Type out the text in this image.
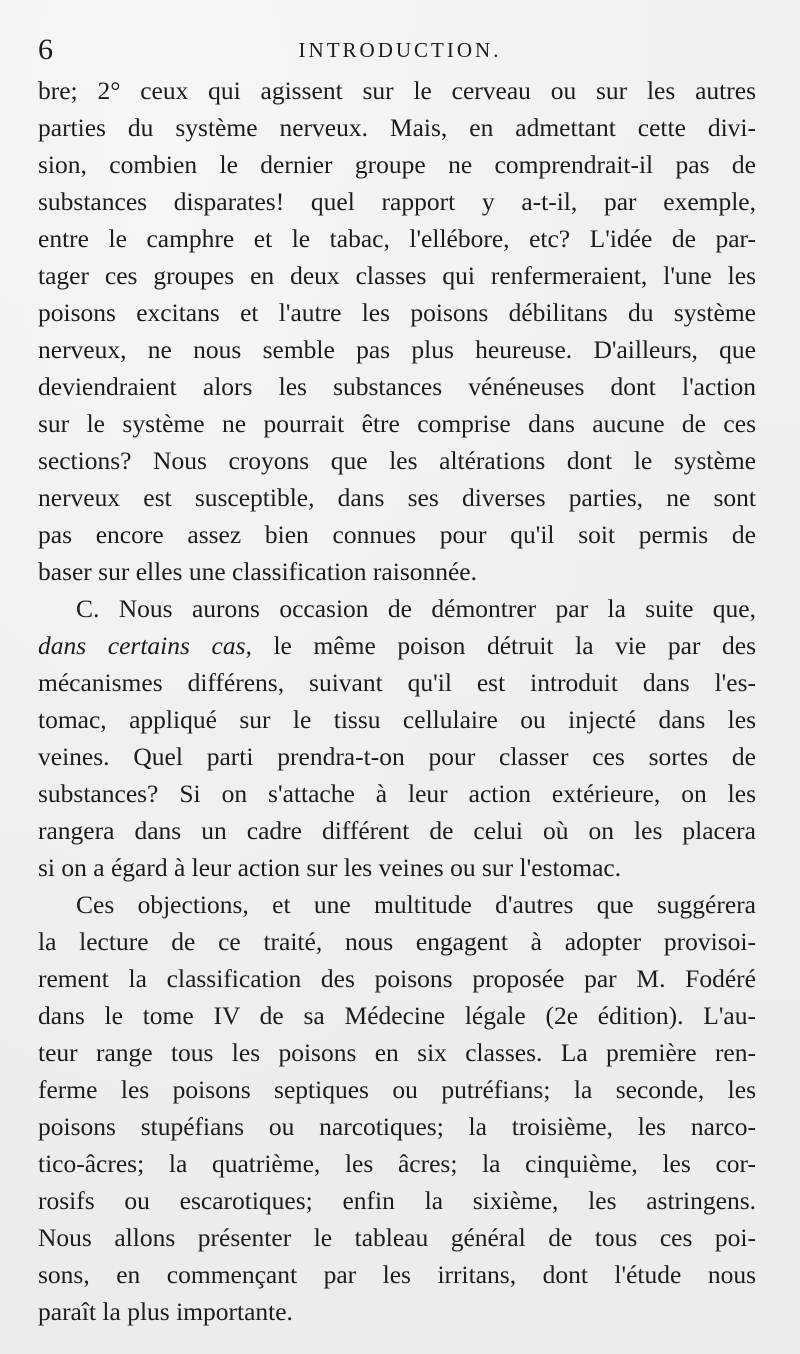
6	INTRODUCTION.
bre; 2° ceux qui agissent sur le cerveau ou sur les autres
parties du système nerveux. Mais, en admettant cette divi-
sion, combien le dernier groupe ne comprendrait-il pas de
substances disparates! quel rapport y a-t-il, par exemple,
entre le camphre et le tabac, l'ellébore, etc? L'idée de par-
tager ces groupes en deux classes qui renfermeraient, l'une les
poisons excitans et l'autre les poisons débilitans du système
nerveux, ne nous semble pas plus heureuse. D'ailleurs, que
deviendraient alors les substances vénéneuses dont l'action
sur le système ne pourrait être comprise dans aucune de ces
sections? Nous croyons que les altérations dont le système
nerveux est susceptible, dans ses diverses parties, ne sont
pas encore assez bien connues pour qu'il soit permis de
baser sur elles une classification raisonnée.
C. Nous aurons occasion de démontrer par la suite que,
dans certains cas, le même poison détruit la vie par des
mécanismes différens, suivant qu'il est introduit dans l'es-
tomac, appliqué sur le tissu cellulaire ou injecté dans les
veines. Quel parti prendra-t-on pour classer ces sortes de
substances? Si on s'attache à leur action extérieure, on les
rangera dans un cadre différent de celui où on les placera
si on a égard à leur action sur les veines ou sur l'estomac.
Ces objections, et une multitude d'autres que suggérera
la lecture de ce traité, nous engagent à adopter provisoi-
rement la classification des poisons proposée par M. Fodéré
dans le tome IV de sa Médecine légale (2e édition). L'au-
teur range tous les poisons en six classes. La première ren-
ferme les poisons septiques ou putréfians; la seconde, les
poisons stupéfians ou narcotiques; la troisième, les narco-
tico-âcres; la quatrième, les âcres; la cinquième, les cor-
rosifs ou escarotiques; enfin la sixième, les astringens.
Nous allons présenter le tableau général de tous ces poi-
sons, en commençant par les irritans, dont l'étude nous
paraît la plus importante.
